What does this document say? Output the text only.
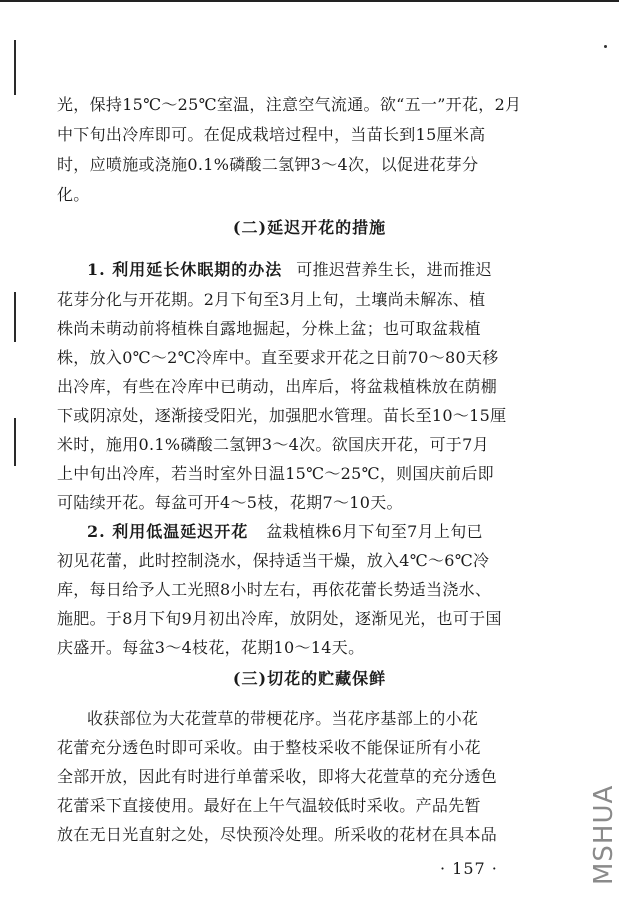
光，保持15℃～25℃室温，注意空气流通。欲“五一”开花，2月
中下旬出冷库即可。在促成栽培过程中，当苗长到15厘米高
时，应喷施或浇施0.1%磷酸二氢钾3～4次，以促进花芽分
化。
(二)延迟开花的措施
1. 利用延长休眠期的办法 可推迟营养生长，进而推迟
花芽分化与开花期。2月下旬至3月上旬，土壤尚未解冻、植
株尚未萌动前将植株自露地掘起，分株上盆；也可取盆栽植
株，放入0℃～2℃冷库中。直至要求开花之日前70～80天移
出冷库，有些在冷库中已萌动，出库后，将盆栽植株放在荫棚
下或阴凉处，逐渐接受阳光，加强肥水管理。苗长至10～15厘
米时，施用0.1%磷酸二氢钾3～4次。欲国庆开花，可于7月
上中旬出冷库，若当时室外日温15℃～25℃，则国庆前后即
可陆续开花。每盆可开4～5枝，花期7～10天。
2. 利用低温延迟开花 盆栽植株6月下旬至7月上旬已
初见花蕾，此时控制浇水，保持适当干燥，放入4℃～6℃冷
库，每日给予人工光照8小时左右，再依花蕾长势适当浇水、
施肥。于8月下旬9月初出冷库，放阴处，逐渐见光，也可于国
庆盛开。每盆3～4枝花，花期10～14天。
(三)切花的贮藏保鲜
收获部位为大花萱草的带梗花序。当花序基部上的小花
花蕾充分透色时即可采收。由于整枝采收不能保证所有小花
全部开放，因此有时进行单蕾采收，即将大花萱草的充分透色
花蕾采下直接使用。最好在上午气温较低时采收。产品先暂
放在无日光直射之处，尽快预冷处理。所采收的花材在具本品
· 157 ·	MSHUA
